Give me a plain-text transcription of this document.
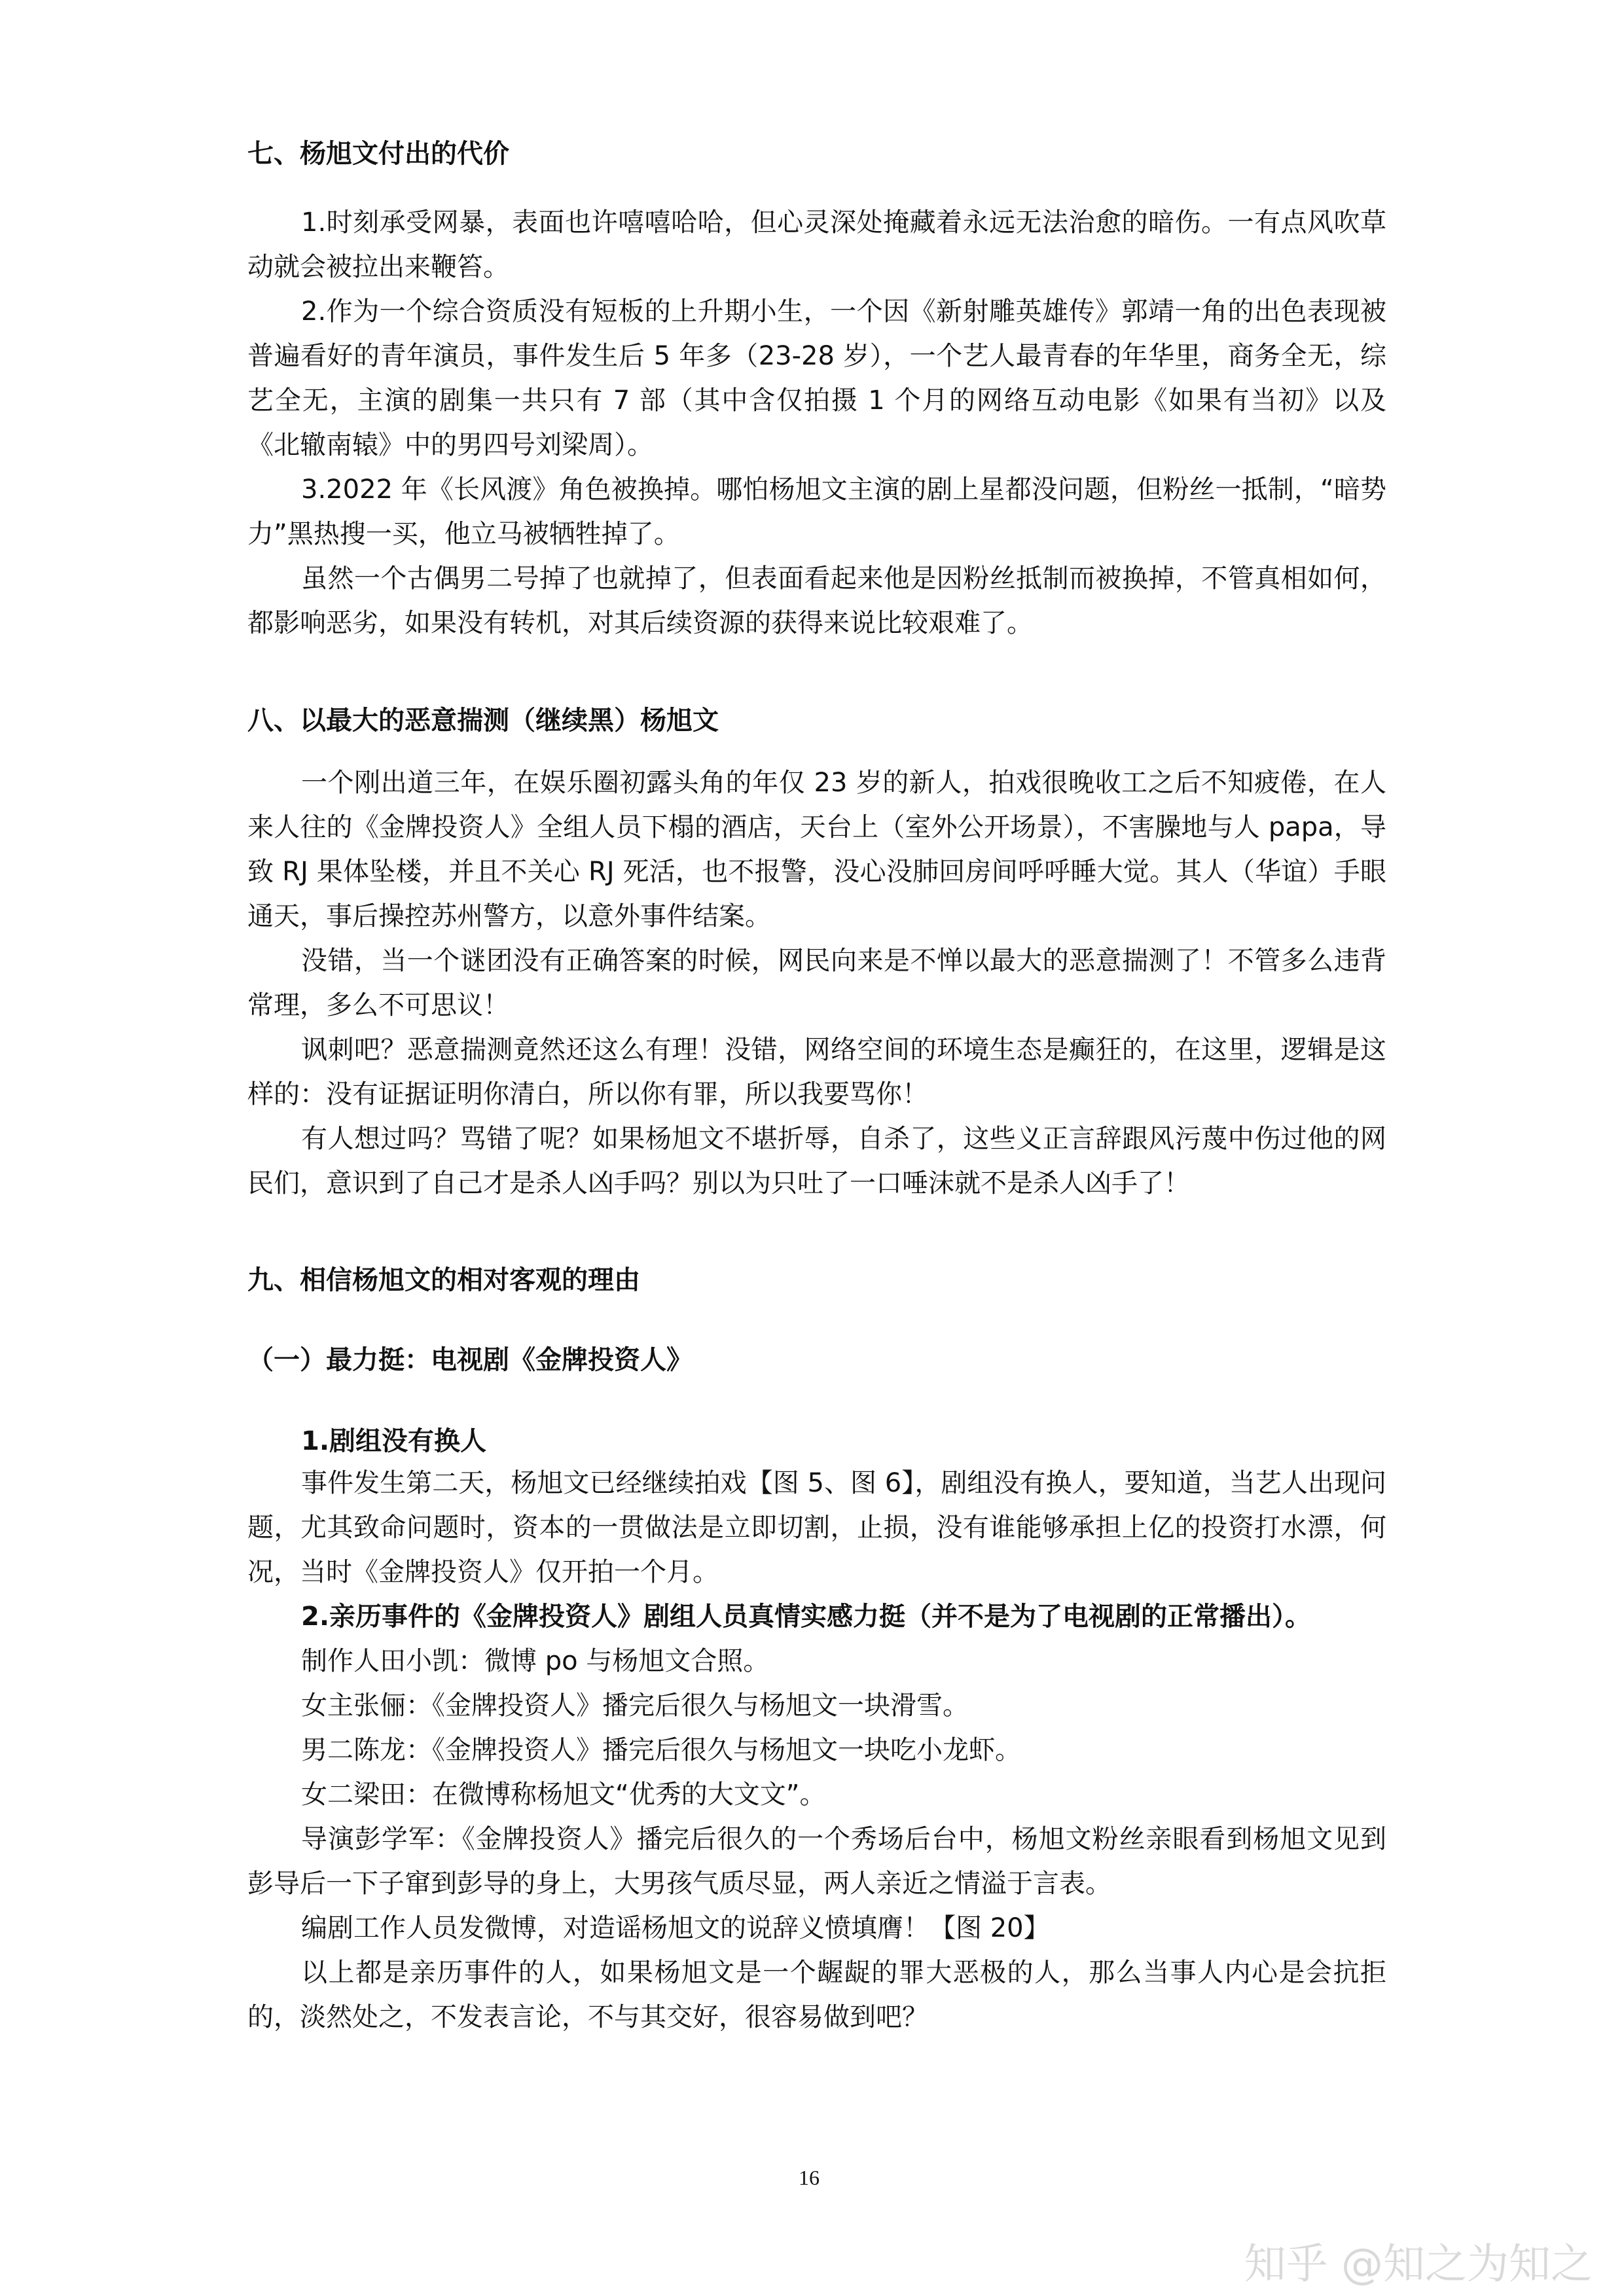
七、杨旭文付出的代价

1.时刻承受网暴，表面也许嘻嘻哈哈，但心灵深处掩藏着永远无法治愈的暗伤。一有点风吹草动就会被拉出来鞭笞。

2.作为一个综合资质没有短板的上升期小生，一个因《新射雕英雄传》郭靖一角的出色表现被普遍看好的青年演员，事件发生后 5 年多（23-28 岁），一个艺人最青春的年华里，商务全无，综艺全无，主演的剧集一共只有 7 部（其中含仅拍摄 1 个月的网络互动电影《如果有当初》以及《北辙南辕》中的男四号刘梁周）。

3.2022 年《长风渡》角色被换掉。哪怕杨旭文主演的剧上星都没问题，但粉丝一抵制，“暗势力”黑热搜一买，他立马被牺牲掉了。

虽然一个古偶男二号掉了也就掉了，但表面看起来他是因粉丝抵制而被换掉，不管真相如何，都影响恶劣，如果没有转机，对其后续资源的获得来说比较艰难了。

八、以最大的恶意揣测（继续黑）杨旭文

一个刚出道三年，在娱乐圈初露头角的年仅 23 岁的新人，拍戏很晚收工之后不知疲倦，在人来人往的《金牌投资人》全组人员下榻的酒店，天台上（室外公开场景），不害臊地与人 papa，导致 RJ 果体坠楼，并且不关心 RJ 死活，也不报警，没心没肺回房间呼呼睡大觉。其人（华谊）手眼通天，事后操控苏州警方，以意外事件结案。

没错，当一个谜团没有正确答案的时候，网民向来是不惮以最大的恶意揣测了！不管多么违背常理，多么不可思议！

讽刺吧？恶意揣测竟然还这么有理！没错，网络空间的环境生态是癫狂的，在这里，逻辑是这样的：没有证据证明你清白，所以你有罪，所以我要骂你！

有人想过吗？骂错了呢？如果杨旭文不堪折辱，自杀了，这些义正言辞跟风污蔑中伤过他的网民们，意识到了自己才是杀人凶手吗？别以为只吐了一口唾沫就不是杀人凶手了！

九、相信杨旭文的相对客观的理由
（一）最力挺：电视剧《金牌投资人》
1.剧组没有换人

事件发生第二天，杨旭文已经继续拍戏【图 5、图 6】，剧组没有换人，要知道，当艺人出现问题，尤其致命问题时，资本的一贯做法是立即切割，止损，没有谁能够承担上亿的投资打水漂，何况，当时《金牌投资人》仅开拍一个月。

2.亲历事件的《金牌投资人》剧组人员真情实感力挺（并不是为了电视剧的正常播出）。

制作人田小凯：微博 po 与杨旭文合照。

女主张俪：《金牌投资人》播完后很久与杨旭文一块滑雪。

男二陈龙：《金牌投资人》播完后很久与杨旭文一块吃小龙虾。

女二梁田：在微博称杨旭文“优秀的大文文”。

导演彭学军：《金牌投资人》播完后很久的一个秀场后台中，杨旭文粉丝亲眼看到杨旭文见到彭导后一下子窜到彭导的身上，大男孩气质尽显，两人亲近之情溢于言表。

编剧工作人员发微博，对造谣杨旭文的说辞义愤填膺！【图 20】

以上都是亲历事件的人，如果杨旭文是一个龌龊的罪大恶极的人，那么当事人内心是会抗拒的，淡然处之，不发表言论，不与其交好，很容易做到吧？

16
知乎 @知之为知之
